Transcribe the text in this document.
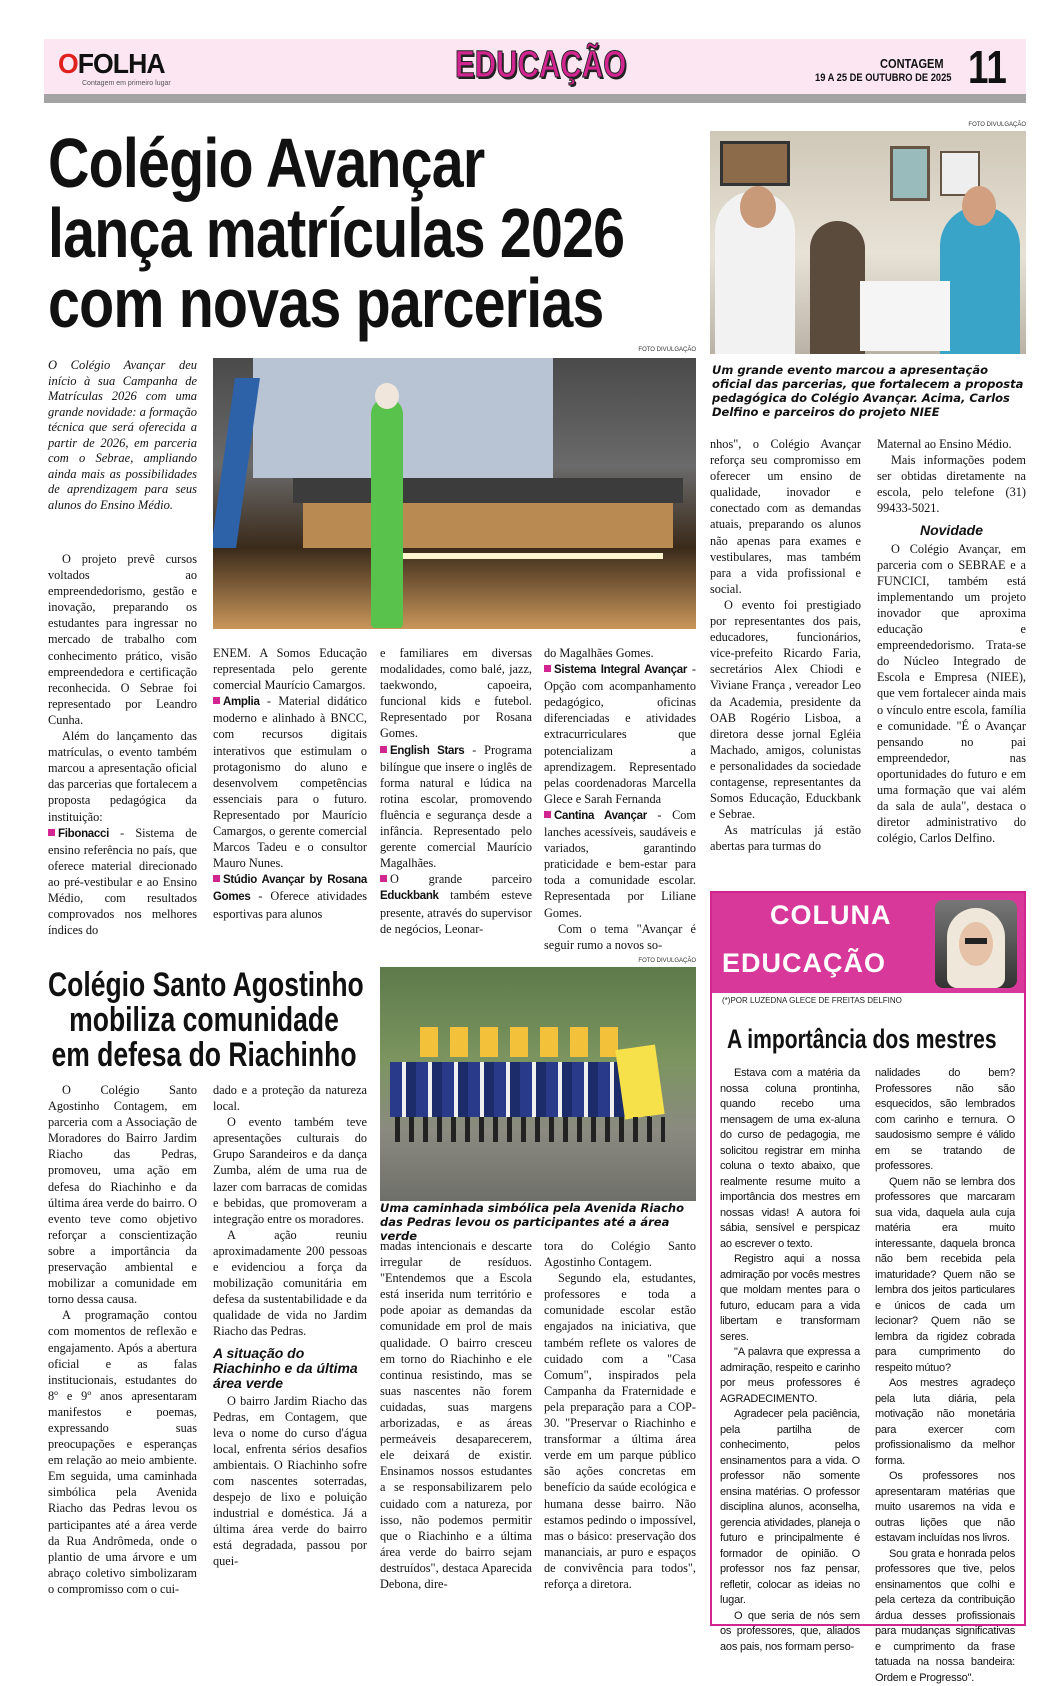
OFOLHA
Contagem em primeiro lugar	EDUCAÇÃO	CONTAGEM
19 A 25 DE OUTUBRO DE 2025 11
Colégio Avançar
lança matrículas 2026
com novas parcerias
FOTO DIVULGAÇÃO
Um grande evento marcou a apresentação oficial das parcerias, que fortalecem a proposta pedagógica do Colégio Avançar. Acima, Carlos Delfino e parceiros do projeto NIEE
O Colégio Avançar deu início à sua Campanha de Matrículas 2026 com uma grande novidade: a formação técnica que será oferecida a partir de 2026, em parceria com o Sebrae, ampliando ainda mais as possibilidades de aprendizagem para seus alunos do Ensino Médio.
FOTO DIVULGAÇÃO

O projeto prevê cursos voltados ao empreendedorismo, gestão e inovação, preparando os estudantes para ingressar no mercado de trabalho com conhecimento prático, visão empreendedora e certificação reconhecida. O Sebrae foi representado por Leandro Cunha.

Além do lançamento das matrículas, o evento também marcou a apresentação oficial das parcerias que fortalecem a proposta pedagógica da instituição:

Fibonacci - Sistema de ensino referência no país, que oferece material direcionado ao pré-vestibular e ao Ensino Médio, com resultados comprovados nos melhores índices do

ENEM. A Somos Educação representada pelo gerente comercial Maurício Camargos.

Amplia - Material didático moderno e alinhado à BNCC, com recursos digitais interativos que estimulam o protagonismo do aluno e desenvolvem competências essenciais para o futuro. Representado por Maurício Camargos, o gerente comercial Marcos Tadeu e o consultor Mauro Nunes.

Stúdio Avançar by Rosana Gomes - Oferece atividades esportivas para alunos

e familiares em diversas modalidades, como balé, jazz, taekwondo, capoeira, funcional kids e futebol. Representado por Rosana Gomes.

English Stars - Programa bilíngue que insere o inglês de forma natural e lúdica na rotina escolar, promovendo fluência e segurança desde a infância. Representado pelo gerente comercial Maurício Magalhães.

O grande parceiro Educkbank também esteve presente, através do supervisor de negócios, Leonar-

do Magalhães Gomes.

Sistema Integral Avançar - Opção com acompanhamento pedagógico, oficinas diferenciadas e atividades extracurriculares que potencializam a aprendizagem. Representado pelas coordenadoras Marcella Glece e Sarah Fernanda

Cantina Avançar - Com lanches acessíveis, saudáveis e variados, garantindo praticidade e bem-estar para toda a comunidade escolar. Representada por Liliane Gomes.

Com o tema "Avançar é seguir rumo a novos so-

nhos", o Colégio Avançar reforça seu compromisso em oferecer um ensino de qualidade, inovador e conectado com as demandas atuais, preparando os alunos não apenas para exames e vestibulares, mas também para a vida profissional e social.

O evento foi prestigiado por representantes dos pais, educadores, funcionários, vice-prefeito Ricardo Faria, secretários Alex Chiodi e Viviane França , vereador Leo da Academia, presidente da OAB Rogério Lisboa, a diretora desse jornal Egléia Machado, amigos, colunistas e personalidades da sociedade contagense, representantes da Somos Educação, Educkbank e Sebrae.

As matrículas já estão abertas para turmas do

Maternal ao Ensino Médio.

Mais informações podem ser obtidas diretamente na escola, pelo telefone (31) 99433-5021.

Novidade

O Colégio Avançar, em parceria com o SEBRAE e a FUNCICI, também está implementando um projeto inovador que aproxima educação e empreendedorismo. Trata-se do Núcleo Integrado de Escola e Empresa (NIEE), que vem fortalecer ainda mais o vínculo entre escola, família e comunidade. "É o Avançar pensando no pai empreendedor, nas oportunidades do futuro e em uma formação que vai além da sala de aula", destaca o diretor administrativo do colégio, Carlos Delfino.

Colégio Santo Agostinho
mobiliza comunidade
em defesa do Riachinho
FOTO DIVULGAÇÃO
Uma caminhada simbólica pela Avenida Riacho das Pedras levou os participantes até a área verde

O Colégio Santo Agostinho Contagem, em parceria com a Associação de Moradores do Bairro Jardim Riacho das Pedras, promoveu, uma ação em defesa do Riachinho e da última área verde do bairro. O evento teve como objetivo reforçar a conscientização sobre a importância da preservação ambiental e mobilizar a comunidade em torno dessa causa.

A programação contou com momentos de reflexão e engajamento. Após a abertura oficial e as falas institucionais, estudantes do 8º e 9º anos apresentaram manifestos e poemas, expressando suas preocupações e esperanças em relação ao meio ambiente. Em seguida, uma caminhada simbólica pela Avenida Riacho das Pedras levou os participantes até a área verde da Rua Andrômeda, onde o plantio de uma árvore e um abraço coletivo simbolizaram o compromisso com o cui-

dado e a proteção da natureza local.

O evento também teve apresentações culturais do Grupo Sarandeiros e da dança Zumba, além de uma rua de lazer com barracas de comidas e bebidas, que promoveram a integração entre os moradores.

A ação reuniu aproximadamente 200 pessoas e evidenciou a força da mobilização comunitária em defesa da sustentabilidade e da qualidade de vida no Jardim Riacho das Pedras.

A situação do Riachinho e da última área verde

O bairro Jardim Riacho das Pedras, em Contagem, que leva o nome do curso d'água local, enfrenta sérios desafios ambientais. O Riachinho sofre com nascentes soterradas, despejo de lixo e poluição industrial e doméstica. Já a última área verde do bairro está degradada, passou por quei-

madas intencionais e descarte irregular de resíduos. "Entendemos que a Escola está inserida num território e pode apoiar as demandas da comunidade em prol de mais qualidade. O bairro cresceu em torno do Riachinho e ele continua resistindo, mas se suas nascentes não forem cuidadas, suas margens arborizadas, e as áreas permeáveis desaparecerem, ele deixará de existir. Ensinamos nossos estudantes a se responsabilizarem pelo cuidado com a natureza, por isso, não podemos permitir que o Riachinho e a última área verde do bairro sejam destruídos", destaca Aparecida Debona, dire-

tora do Colégio Santo Agostinho Contagem.

Segundo ela, estudantes, professores e toda a comunidade escolar estão engajados na iniciativa, que também reflete os valores de cuidado com a "Casa Comum", inspirados pela Campanha da Fraternidade e pela preparação para a COP-30. "Preservar o Riachinho e transformar a última área verde em um parque público são ações concretas em benefício da saúde ecológica e humana desse bairro. Não estamos pedindo o impossível, mas o básico: preservação dos mananciais, ar puro e espaços de convivência para todos", reforça a diretora.

COLUNA
EDUCAÇÃO
(*)POR LUZEDNA GLECE DE FREITAS DELFINO
A importância dos mestres

Estava com a matéria da nossa coluna prontinha, quando recebo uma mensagem de uma ex-aluna do curso de pedagogia, me solicitou registrar em minha coluna o texto abaixo, que realmente resume muito a importância dos mestres em nossas vidas! A autora foi sábia, sensível e perspicaz ao escrever o texto.

Registro aqui a nossa admiração por vocês mestres que moldam mentes para o futuro, educam para a vida libertam e transformam seres.

"A palavra que expressa a admiração, respeito e carinho por meus professores é AGRADECIMENTO.

Agradecer pela paciência, pela partilha de conhecimento, pelos ensinamentos para a vida. O professor não somente ensina matérias. O professor disciplina alunos, aconselha, gerencia atividades, planeja o futuro e principalmente é formador de opinião. O professor nos faz pensar, refletir, colocar as ideias no lugar.

O que seria de nós sem os professores, que, aliados aos pais, nos formam perso-

nalidades do bem? Professores não são esquecidos, são lembrados com carinho e ternura. O saudosismo sempre é válido em se tratando de professores.

Quem não se lembra dos professores que marcaram sua vida, daquela aula cuja matéria era muito interessante, daquela bronca não bem recebida pela imaturidade? Quem não se lembra dos jeitos particulares e únicos de cada um lecionar? Quem não se lembra da rigidez cobrada para cumprimento do respeito mútuo?

Aos mestres agradeço pela luta diária, pela motivação não monetária para exercer com profissionalismo da melhor forma.

Os professores nos apresentaram matérias que muito usaremos na vida e outras lições que não estavam incluídas nos livros.

Sou grata e honrada pelos professores que tive, pelos ensinamentos que colhi e pela certeza da contribuição árdua desses profissionais para mudanças significativas e cumprimento da frase tatuada na nossa bandeira: Ordem e Progresso".
